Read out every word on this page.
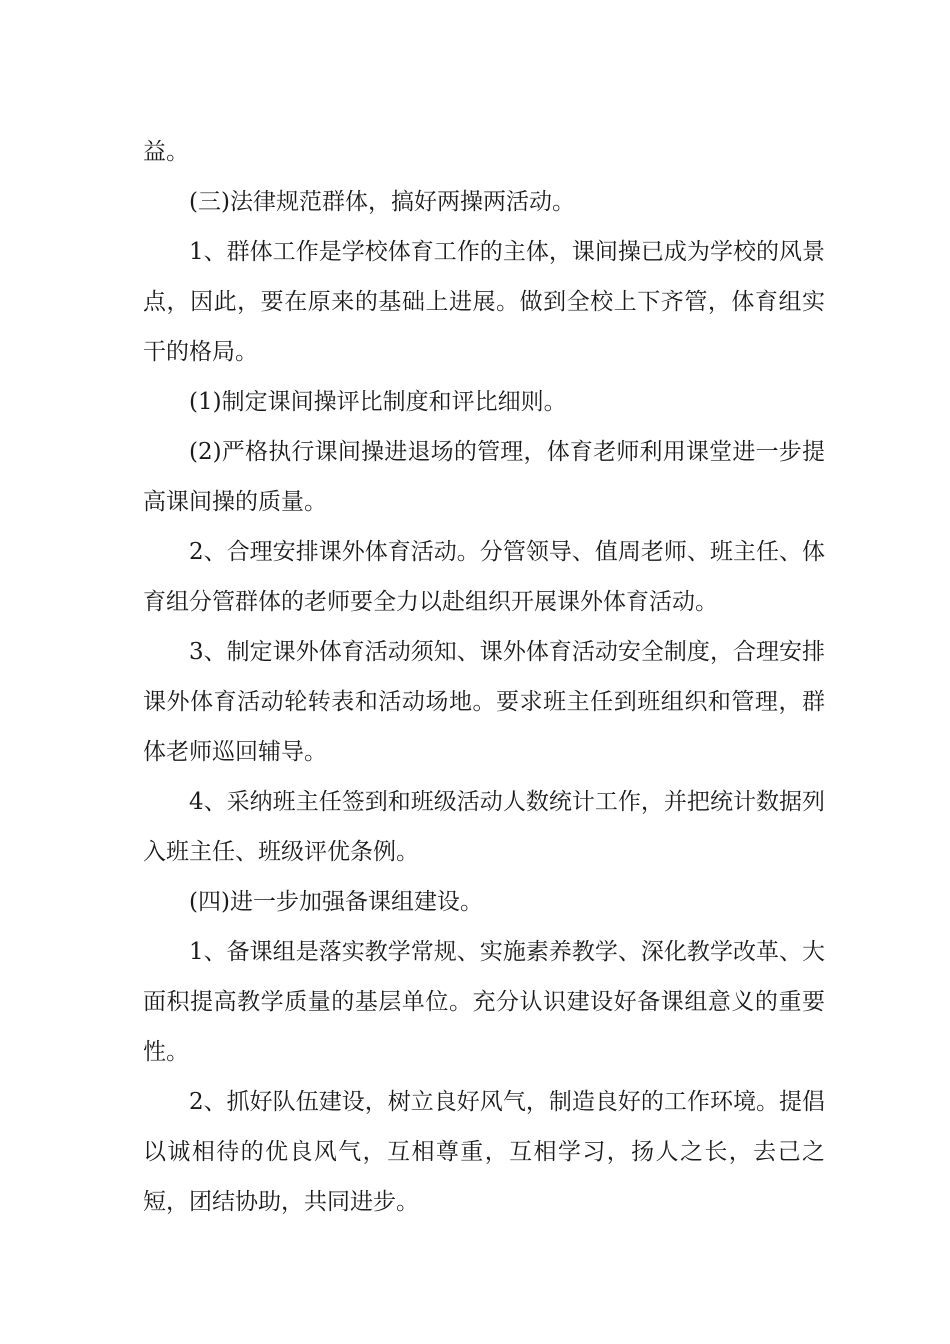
益。

(三)法律规范群体，搞好两操两活动。

1、群体工作是学校体育工作的主体，课间操已成为学校的风景点，因此，要在原来的基础上进展。做到全校上下齐管，体育组实干的格局。

(1)制定课间操评比制度和评比细则。

(2)严格执行课间操进退场的管理，体育老师利用课堂进一步提高课间操的质量。

2、合理安排课外体育活动。分管领导、值周老师、班主任、体育组分管群体的老师要全力以赴组织开展课外体育活动。

3、制定课外体育活动须知、课外体育活动安全制度，合理安排课外体育活动轮转表和活动场地。要求班主任到班组织和管理，群体老师巡回辅导。

4、采纳班主任签到和班级活动人数统计工作，并把统计数据列入班主任、班级评优条例。

(四)进一步加强备课组建设。

1、备课组是落实教学常规、实施素养教学、深化教学改革、大面积提高教学质量的基层单位。充分认识建设好备课组意义的重要性。

2、抓好队伍建设，树立良好风气，制造良好的工作环境。提倡以诚相待的优良风气，互相尊重，互相学习，扬人之长，去己之短，团结协助，共同进步。
